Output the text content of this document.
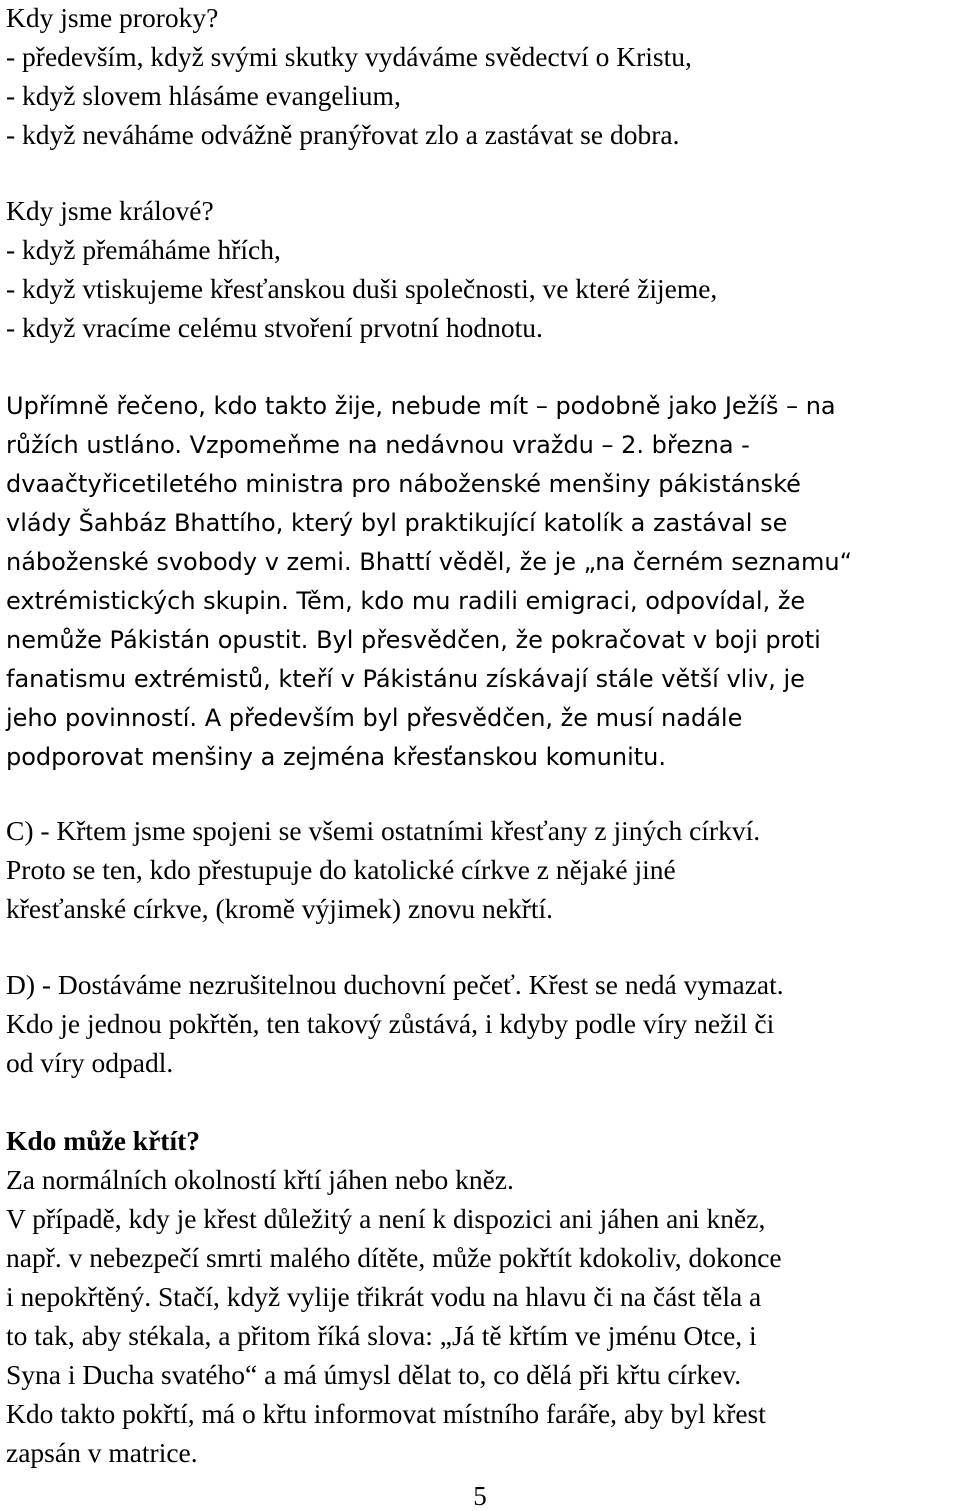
Kdy jsme proroky?
- především, když svými skutky vydáváme svědectví o Kristu,
- když slovem hlásáme evangelium,
- když neváháme odvážně pranýřovat zlo a zastávat se dobra.
Kdy jsme králové?
- když přemáháme hřích,
- když vtiskujeme křesťanskou duši společnosti, ve které žijeme,
- když vracíme celému stvoření prvotní hodnotu.
Upřímně řečeno, kdo takto žije, nebude mít – podobně jako Ježíš – na
růžích ustláno. Vzpomeňme na nedávnou vraždu – 2. března -
dvaačtyřicetiletého ministra pro náboženské menšiny pákistánské
vlády Šahbáz Bhattího, který byl praktikující katolík a zastával se
náboženské svobody v zemi. Bhattí věděl, že je „na černém seznamu“
extrémistických skupin. Těm, kdo mu radili emigraci, odpovídal, že
nemůže Pákistán opustit. Byl přesvědčen, že pokračovat v boji proti
fanatismu extrémistů, kteří v Pákistánu získávají stále větší vliv, je
jeho povinností. A především byl přesvědčen, že musí nadále
podporovat menšiny a zejména křesťanskou komunitu.
C) - Křtem jsme spojeni se všemi ostatními křesťany z jiných církví.
Proto se ten, kdo přestupuje do katolické církve z nějaké jiné
křesťanské církve, (kromě výjimek) znovu nekřtí.
D) - Dostáváme nezrušitelnou duchovní pečeť. Křest se nedá vymazat.
Kdo je jednou pokřtěn, ten takový zůstává, i kdyby podle víry nežil či
od víry odpadl.
Kdo může křtít?
Za normálních okolností křtí jáhen nebo kněz.
V případě, kdy je křest důležitý a není k dispozici ani jáhen ani kněz,
např. v nebezpečí smrti malého dítěte, může pokřtít kdokoliv, dokonce
i nepokřtěný. Stačí, když vylije třikrát vodu na hlavu či na část těla a
to tak, aby stékala, a přitom říká slova: „Já tě křtím ve jménu Otce, i
Syna i Ducha svatého“ a má úmysl dělat to, co dělá při křtu církev.
Kdo takto pokřtí, má o křtu informovat místního faráře, aby byl křest
zapsán v matrice.
5
